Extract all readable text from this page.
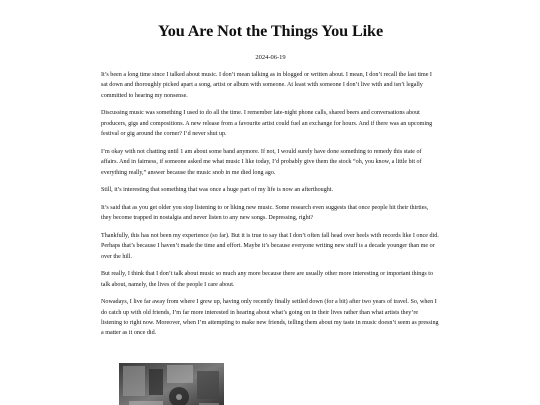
You Are Not the Things You Like
2024-06-19

It’s been a long time since I talked about music. I don’t mean talking as in blogged or written about. I mean, I don’t recall the last time I sat down and thoroughly picked apart a song, artist or album with someone. At least with someone I don’t live with and isn’t legally committed to hearing my nonsense.

Discussing music was something I used to do all the time. I remember late-night phone calls, shared beers and conversations about producers, gigs and compositions. A new release from a favourite artist could fuel an exchange for hours. And if there was an upcoming festival or gig around the corner? I’d never shut up.

I’m okay with not chatting until 1 am about some band anymore. If not, I would surely have done something to remedy this state of affairs. And in fairness, if someone asked me what music I like today, I’d probably give them the stock “oh, you know, a little bit of everything really,” answer because the music snob in me died long ago.

Still, it’s interesting that something that was once a huge part of my life is now an afterthought.

It’s said that as you get older you stop listening to or liking new music. Some research even suggests that once people hit their thirties, they become trapped in nostalgia and never listen to any new songs. Depressing, right?

Thankfully, this has not been my experience (so far). But it is true to say that I don’t often fall head over heels with records like I once did. Perhaps that’s because I haven’t made the time and effort. Maybe it’s because everyone writing new stuff is a decade younger than me or over the hill.

But really, I think that I don’t talk about music so much any more because there are usually other more interesting or important things to talk about, namely, the lives of the people I care about.

Nowadays, I live far away from where I grew up, having only recently finally settled down (for a bit) after two years of travel. So, when I do catch up with old friends, I’m far more interested in hearing about what’s going on in their lives rather than what artists they’re listening to right now. Moreover, when I’m attempting to make new friends, telling them about my taste in music doesn’t seem as pressing a matter as it once did.
